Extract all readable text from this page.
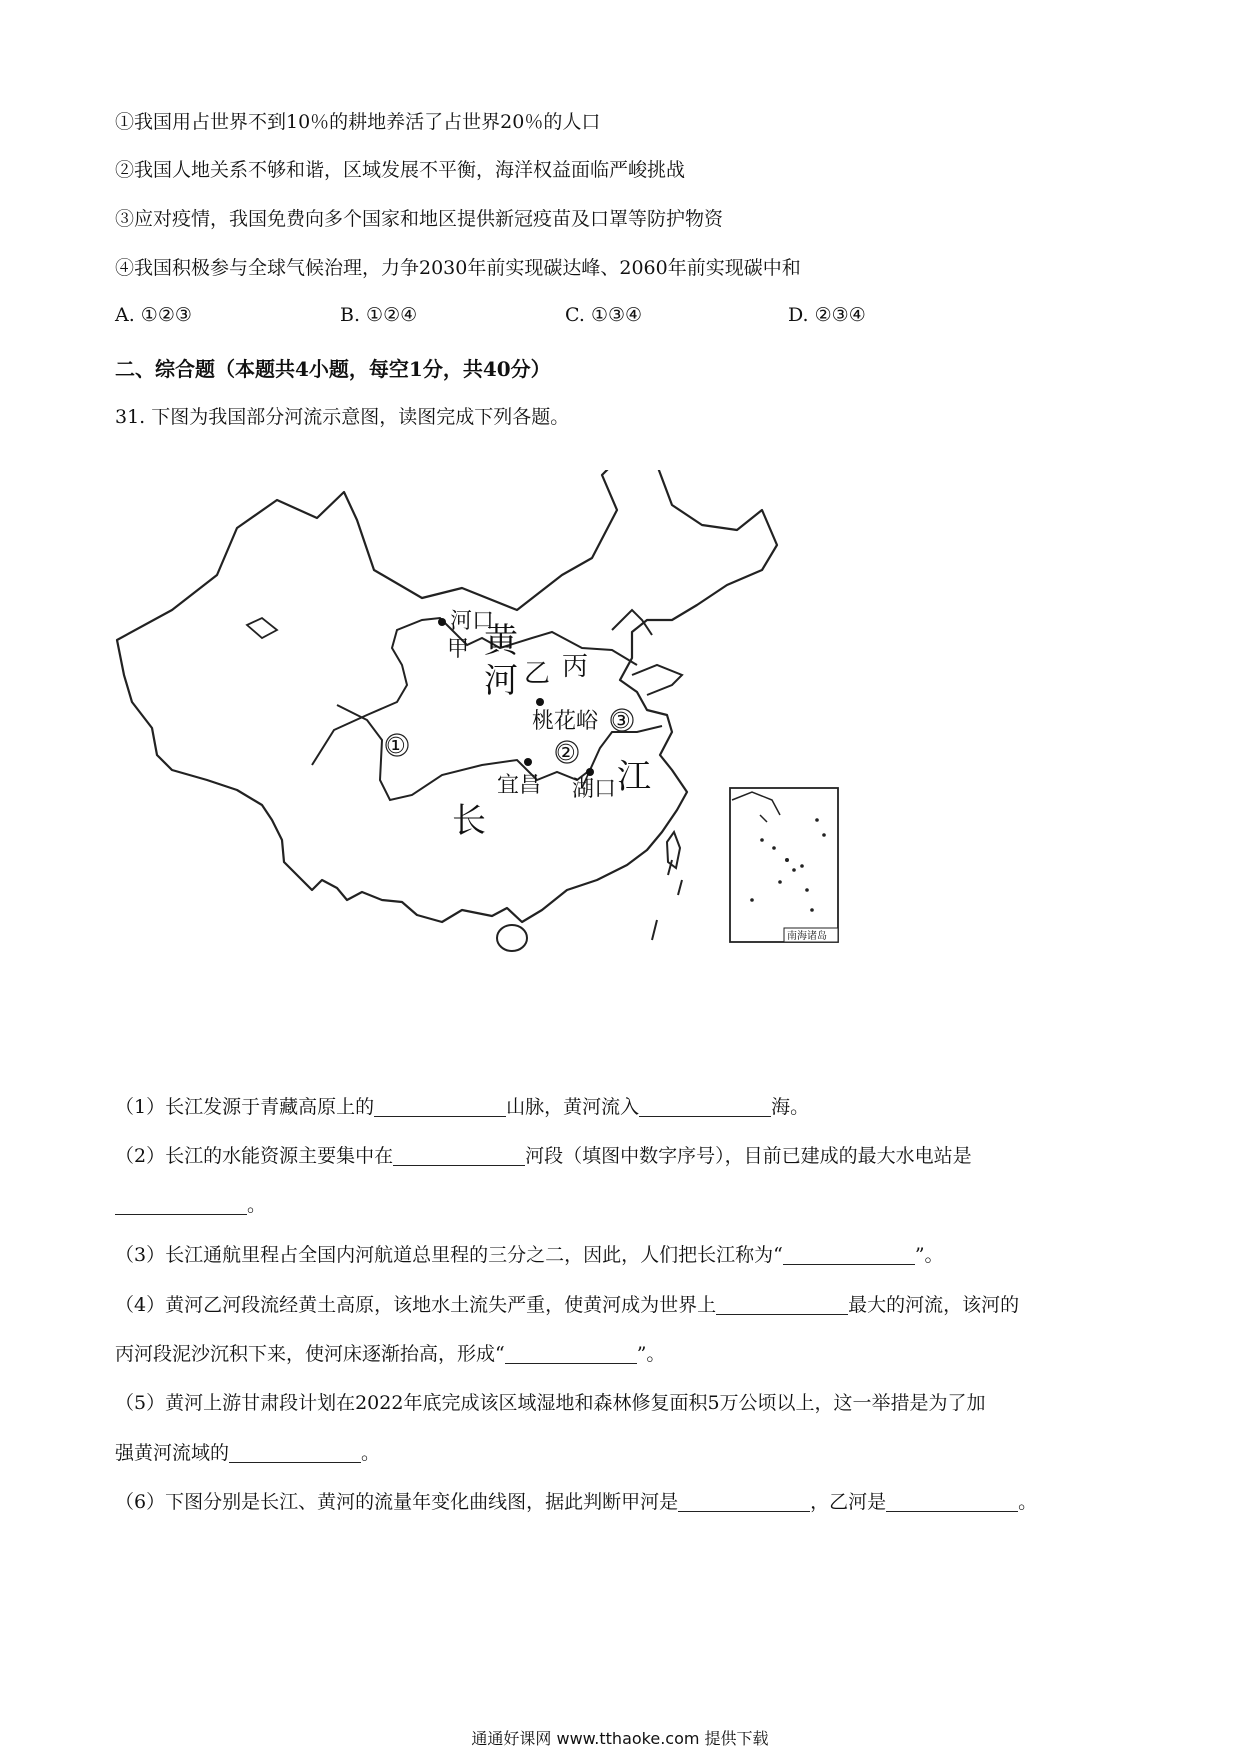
①我国用占世界不到10％的耕地养活了占世界20％的人口
②我国人地关系不够和谐，区域发展不平衡，海洋权益面临严峻挑战
③应对疫情，我国免费向多个国家和地区提供新冠疫苗及口罩等防护物资
④我国积极参与全球气候治理，力争2030年前实现碳达峰、2060年前实现碳中和
A. ①②③	B. ①②④	C. ①③④	D. ②③④
二、综合题（本题共4小题，每空1分，共40分）
31. 下图为我国部分河流示意图，读图完成下列各题。
甲 黄
河 乙 丙
河口
桃花峪
宜昌 湖口
长
江
①	②
③
南海诸岛
（1）长江发源于青藏高原上的	山脉，黄河流入	海。
（2）长江的水能资源主要集中在	河段（填图中数字序号），目前已建成的最大水电站是
。
（3）长江通航里程占全国内河航道总里程的三分之二，因此，人们把长江称为“	”。
（4）黄河乙河段流经黄土高原，该地水土流失严重，使黄河成为世界上	最大的河流，该河的
丙河段泥沙沉积下来，使河床逐渐抬高，形成“	”。
（5）黄河上游甘肃段计划在2022年底完成该区域湿地和森林修复面积5万公顷以上，这一举措是为了加
强黄河流域的	。
（6）下图分别是长江、黄河的流量年变化曲线图，据此判断甲河是	，乙河是	。
通通好课网 www.tthaoke.com 提供下载
